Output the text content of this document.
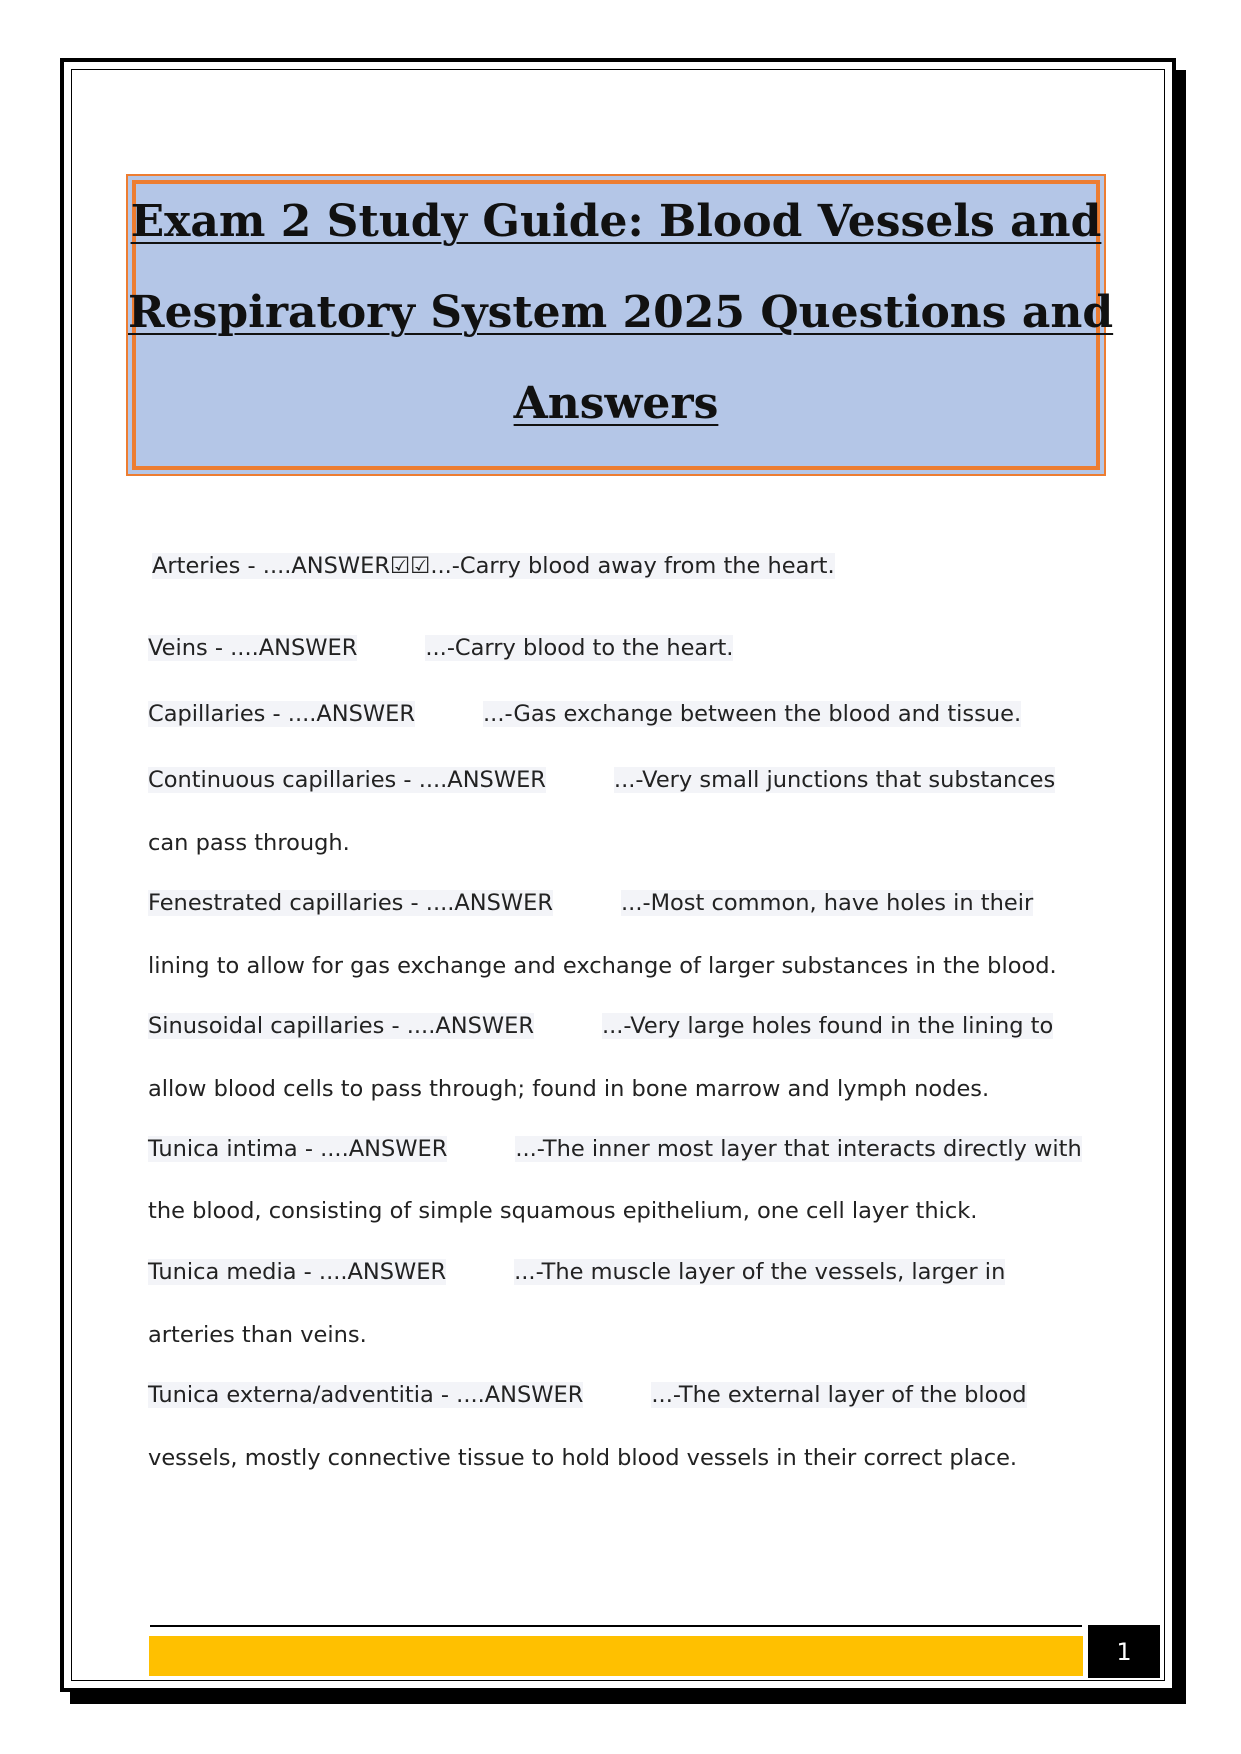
Exam 2 Study Guide: Blood Vessels and
Respiratory System 2025 Questions and
Answers
Arteries - ....ANSWER☑☑...-Carry blood away from the heart.
Veins - ....ANSWER	...-Carry blood to the heart.
Capillaries - ....ANSWER	...-Gas exchange between the blood and tissue.
Continuous capillaries - ....ANSWER	...-Very small junctions that substances
can pass through.
Fenestrated capillaries - ....ANSWER	...-Most common, have holes in their
lining to allow for gas exchange and exchange of larger substances in the blood.
Sinusoidal capillaries - ....ANSWER	...-Very large holes found in the lining to
allow blood cells to pass through; found in bone marrow and lymph nodes.
Tunica intima - ....ANSWER	...-The inner most layer that interacts directly with
the blood, consisting of simple squamous epithelium, one cell layer thick.
Tunica media - ....ANSWER	...-The muscle layer of the vessels, larger in
arteries than veins.
Tunica externa/adventitia - ....ANSWER	...-The external layer of the blood
vessels, mostly connective tissue to hold blood vessels in their correct place.
1
